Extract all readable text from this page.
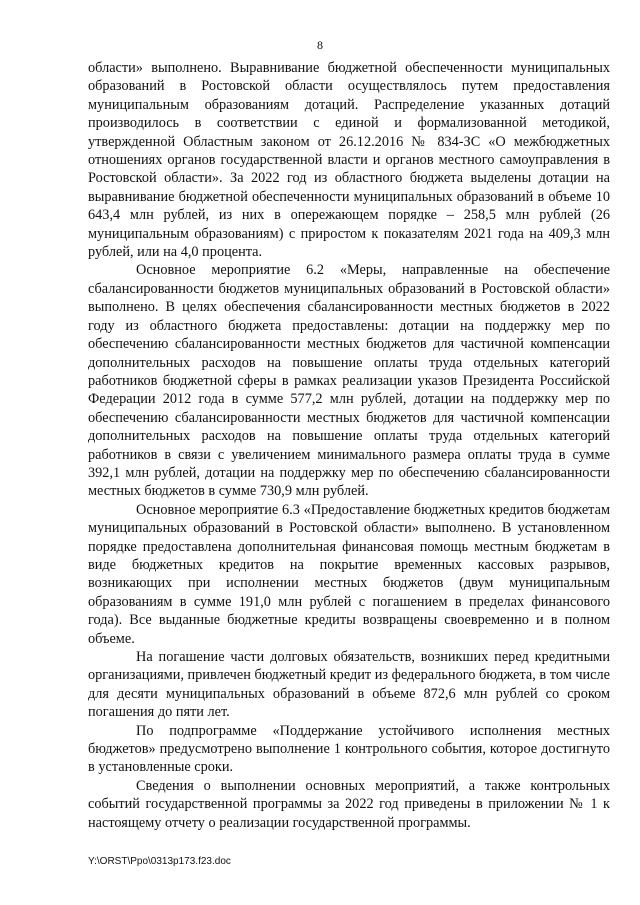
8

области» выполнено. Выравнивание бюджетной обеспеченности муниципальных образований в Ростовской области осуществлялось путем предоставления муниципальным образованиям дотаций. Распределение указанных дотаций производилось в соответствии с единой и формализованной методикой, утвержденной Областным законом от 26.12.2016 № 834-ЗС «О межбюджетных отношениях органов государственной власти и органов местного самоуправления в Ростовской области». За 2022 год из областного бюджета выделены дотации на выравнивание бюджетной обеспеченности муниципальных образований в объеме 10 643,4 млн рублей, из них в опережающем порядке – 258,5 млн рублей (26 муниципальным образованиям) с приростом к показателям 2021 года на 409,3 млн рублей, или на 4,0 процента.

Основное мероприятие 6.2 «Меры, направленные на обеспечение сбалансированности бюджетов муниципальных образований в Ростовской области» выполнено. В целях обеспечения сбалансированности местных бюджетов в 2022 году из областного бюджета предоставлены: дотации на поддержку мер по обеспечению сбалансированности местных бюджетов для частичной компенсации дополнительных расходов на повышение оплаты труда отдельных категорий работников бюджетной сферы в рамках реализации указов Президента Российской Федерации 2012 года в сумме 577,2 млн рублей, дотации на поддержку мер по обеспечению сбалансированности местных бюджетов для частичной компенсации дополнительных расходов на повышение оплаты труда отдельных категорий работников в связи с увеличением минимального размера оплаты труда в сумме 392,1 млн рублей, дотации на поддержку мер по обеспечению сбалансированности местных бюджетов в сумме 730,9 млн рублей.

Основное мероприятие 6.3 «Предоставление бюджетных кредитов бюджетам муниципальных образований в Ростовской области» выполнено. В установленном порядке предоставлена дополнительная финансовая помощь местным бюджетам в виде бюджетных кредитов на покрытие временных кассовых разрывов, возникающих при исполнении местных бюджетов (двум муниципальным образованиям в сумме 191,0 млн рублей с погашением в пределах финансового года). Все выданные бюджетные кредиты возвращены своевременно и в полном объеме.

На погашение части долговых обязательств, возникших перед кредитными организациями, привлечен бюджетный кредит из федерального бюджета, в том числе для десяти муниципальных образований в объеме 872,6 млн рублей со сроком погашения до пяти лет.

По подпрограмме «Поддержание устойчивого исполнения местных бюджетов» предусмотрено выполнение 1 контрольного события, которое достигнуто в установленные сроки.

Сведения о выполнении основных мероприятий, а также контрольных событий государственной программы за 2022 год приведены в приложении № 1 к настоящему отчету о реализации государственной программы.

Y:\ORST\Ppo\0313p173.f23.doc
